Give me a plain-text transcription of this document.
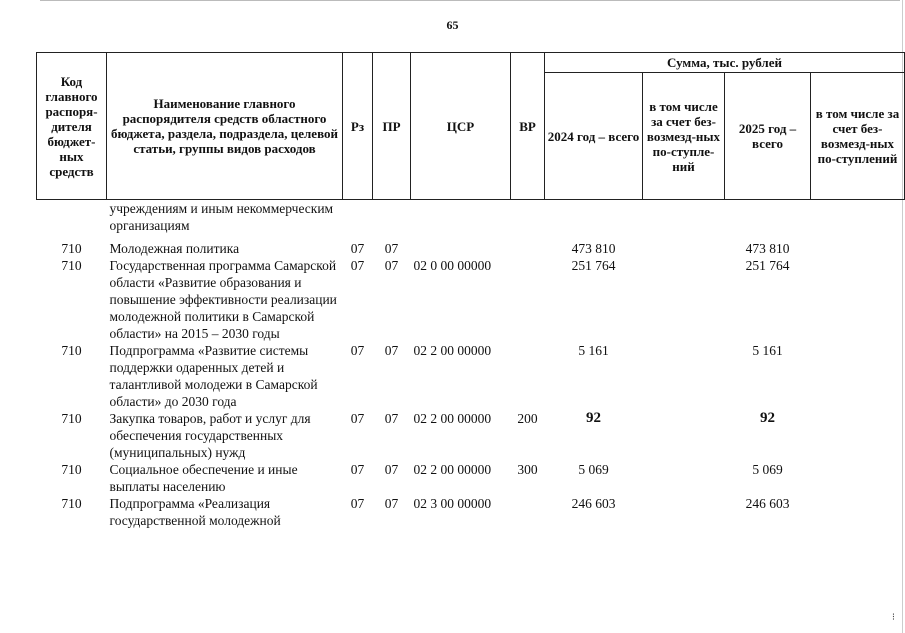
65
Код главного распоря-дителя бюджет-ных средств	Наименование главного распорядителя средств областного бюджета, раздела, подраздела, целевой статьи, группы видов расходов	Рз	ПР	ЦСР	ВР	Сумма, тыс. рублей			
						2024 год – всего	в том числе за счет без-возмезд-ных по-ступле-ний	2025 год – всего	в том числе за счет без-возмезд-ных по-ступлений
	учреждениям и иным некоммерческим организациям								

710	Молодежная политика	07	07			473 810		473 810	
710	Государственная программа Самарской области «Развитие образования и повышение эффективности реализации молодежной политики в Самарской области» на 2015 – 2030 годы	07	07	02 0 00 00000		251 764		251 764	
710	Подпрограмма «Развитие системы поддержки одаренных детей и талантливой молодежи в Самарской области» до 2030 года	07	07	02 2 00 00000		5 161		5 161	
710	Закупка товаров, работ и услуг для обеспечения государственных (муниципальных) нужд	07	07	02 2 00 00000	200	92		92	
710	Социальное обеспечение и иные выплаты населению	07	07	02 2 00 00000	300	5 069		5 069	
710	Подпрограмма «Реализация государственной молодежной	07	07	02 3 00 00000		246 603		246 603	
⁝
